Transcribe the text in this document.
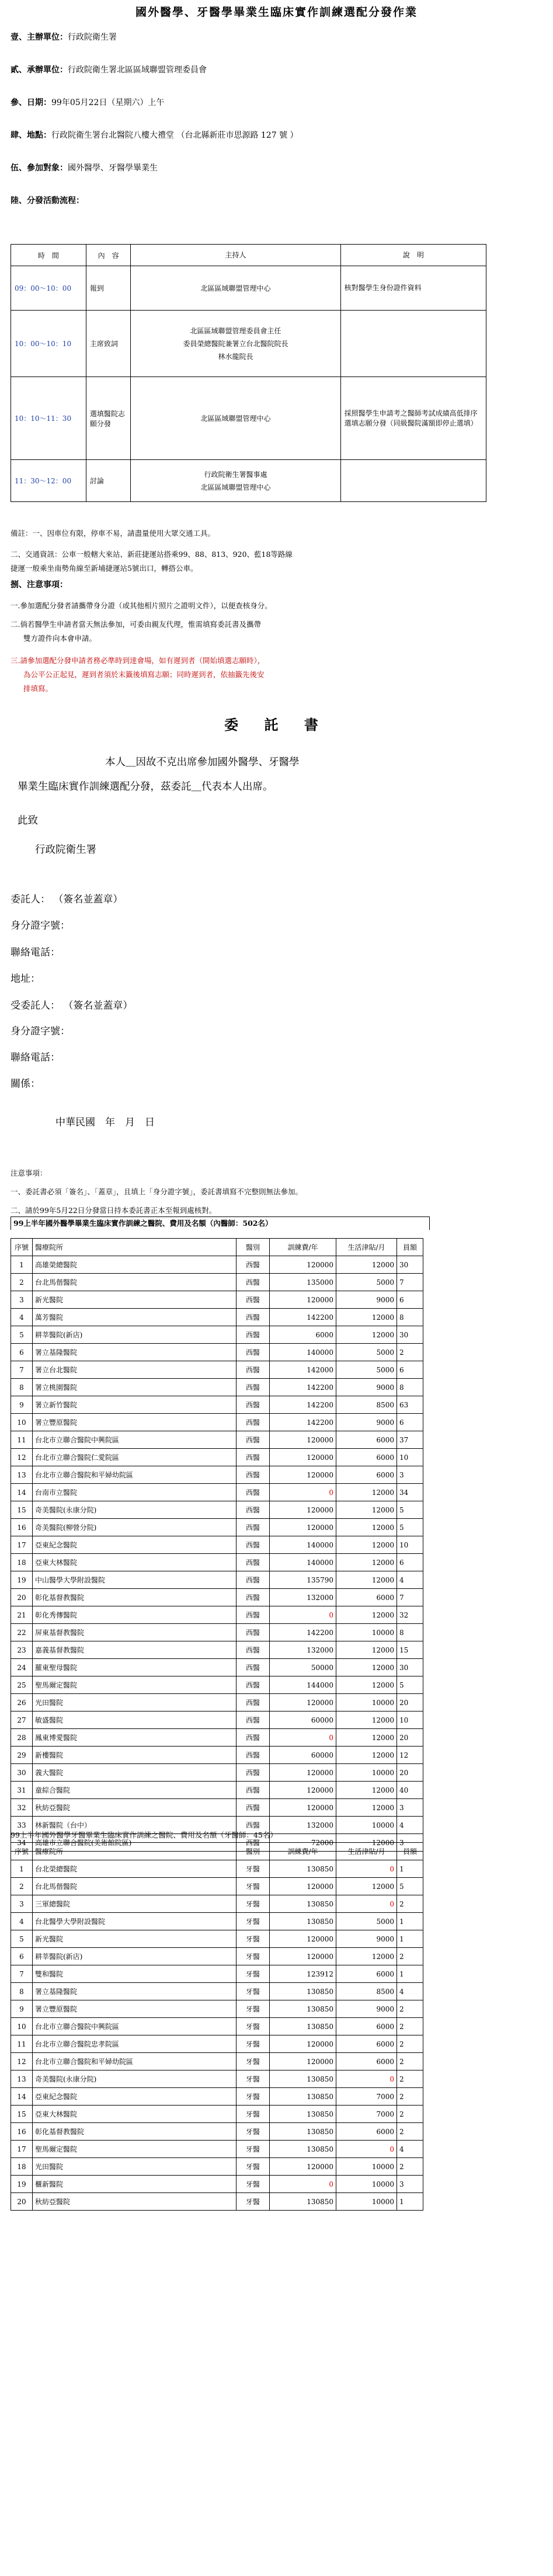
國外醫學、牙醫學畢業生臨床實作訓練選配分發作業
壹、主辦單位：行政院衛生署
貳、承辦單位：行政院衛生署北區區域聯盟管理委員會
參、日期：99年05月22日（星期六）上午
肆、地點：行政院衛生署台北醫院八樓大禮堂 （台北縣新莊市思源路 127 號 ）
伍、參加對象：國外醫學、牙醫學畢業生
陸、分發活動流程：
時　間	內　容	主持人	說　明
09：00～10：00	報到	北區區域聯盟管理中心	核對醫學生身份證件資料
10：00～10：10	主席致詞	北區區域聯盟管理委員會主任
委員榮總醫院兼署立台北醫院院長
林水龍院長	

10：10～11：30	選填醫院志願分發	北區區域聯盟管理中心	採照醫學生申請考之醫師考試成績高低排序選填志願分發（同級醫院滿額即停止選填）
11：30～12：00	討論	行政院衛生署醫事處
北區區域聯盟管理中心	

備註：一、因車位有限，停車不易，請盡量使用大眾交通工具。
二、交通資訊：公車一般轄大來站、新莊捷運站搭乘99、88、813、920、藍18等路線
捷運一般乘坐南勢角線至新埔捷運站5號出口，轉搭公車。
捌、注意事項：
一.參加選配分發者請攜帶身分證（或其他相片照片之證明文件），以便查核身分。
二.倘若醫學生申請者當天無法參加，可委由親友代理，惟需填寫委託書及攜帶
雙方證件向本會申請。
三.請參加選配分發申請者務必準時到達會場，如有遲到者（開始填選志願時），
為公平公正起見，遲到者須於末籤後填寫志願；同時遲到者，依抽籤先後安
排填寫。
委 託 書
本人＿因故不克出席參加國外醫學、牙醫學
畢業生臨床實作訓練選配分發，茲委託＿代表本人出席。
此致
行政院衛生署
委託人： （簽名並蓋章）
身分證字號：
聯絡電話：
地址：
受委託人： （簽名並蓋章）
身分證字號：
聯絡電話：
關係：
中華民國　年　月　日
注意事項：
一、委託書必須「簽名」、「蓋章」，且填上「身分證字號」，委託書填寫不完整則無法參加。
二、請於99年5月22日分發當日持本委託書正本至報到處核對。
99上半年國外醫學畢業生臨床實作訓練之醫院、費用及名額（內醫師：502名）
序號	醫療院所	醫別	訓練費/年	生活津貼/月	員額
1	高雄榮總醫院	西醫	120000	12000	30
2	台北馬偕醫院	西醫	135000	5000	7
3	新光醫院	西醫	120000	9000	6
4	萬芳醫院	西醫	142200	12000	8
5	耕莘醫院(新店)	西醫	6000	12000	30
6	署立基隆醫院	西醫	140000	5000	2
7	署立台北醫院	西醫	142000	5000	6
8	署立桃園醫院	西醫	142200	9000	8
9	署立新竹醫院	西醫	142200	8500	63
10	署立豐原醫院	西醫	142200	9000	6
11	台北市立聯合醫院中興院區	西醫	120000	6000	37
12	台北市立聯合醫院仁愛院區	西醫	120000	6000	10
13	台北市立聯合醫院和平婦幼院區	西醫	120000	6000	3
14	台南市立醫院	西醫	0	12000	34
15	奇美醫院(永康分院)	西醫	120000	12000	5
16	奇美醫院(柳營分院)	西醫	120000	12000	5
17	亞東紀念醫院	西醫	140000	12000	10
18	亞東大林醫院	西醫	140000	12000	6
19	中山醫學大學附設醫院	西醫	135790	12000	4
20	彰化基督教醫院	西醫	132000	6000	7
21	彰化秀傳醫院	西醫	0	12000	32
22	屏東基督教醫院	西醫	142200	10000	8
23	嘉義基督教醫院	西醫	132000	12000	15
24	羅東聖母醫院	西醫	50000	12000	30
25	聖馬爾定醫院	西醫	144000	12000	5
26	光田醫院	西醫	120000	10000	20
27	敏盛醫院	西醫	60000	12000	10
28	鳳東博愛醫院	西醫	0	12000	20
29	新樓醫院	西醫	60000	12000	12
30	義大醫院	西醫	120000	10000	20
31	童綜合醫院	西醫	120000	12000	40
32	秋紡亞醫院	西醫	120000	12000	3
33	林新醫院（台中）	西醫	132000	10000	4
34	高雄市立聯合醫院(美術館院區)	西醫	72000	12000	3
99上半年國外醫學牙醫畢業生臨床實作訓練之醫院、費用及名額（牙醫師：45名）
序號	醫療院所	醫別	訓練費/年	生活津貼/月	員額
1	台北榮總醫院	牙醫	130850	0	1
2	台北馬偕醫院	牙醫	120000	12000	5
3	三軍總醫院	牙醫	130850	0	2
4	台北醫學大學附設醫院	牙醫	130850	5000	1
5	新光醫院	牙醫	120000	9000	1
6	耕莘醫院(新店)	牙醫	120000	12000	2
7	雙和醫院	牙醫	123912	6000	1
8	署立基隆醫院	牙醫	130850	8500	4
9	署立豐原醫院	牙醫	130850	9000	2
10	台北市立聯合醫院中興院區	牙醫	130850	6000	2
11	台北市立聯合醫院忠孝院區	牙醫	120000	6000	2
12	台北市立聯合醫院和平婦幼院區	牙醫	120000	6000	2
13	奇美醫院(永康分院)	牙醫	130850	0	2
14	亞東紀念醫院	牙醫	130850	7000	2
15	亞東大林醫院	牙醫	130850	7000	2
16	彰化基督教醫院	牙醫	130850	6000	2
17	聖馬爾定醫院	牙醫	130850	0	4
18	光田醫院	牙醫	120000	10000	2
19	櫃新醫院	牙醫	0	10000	3
20	秋紡亞醫院	牙醫	130850	10000	1
